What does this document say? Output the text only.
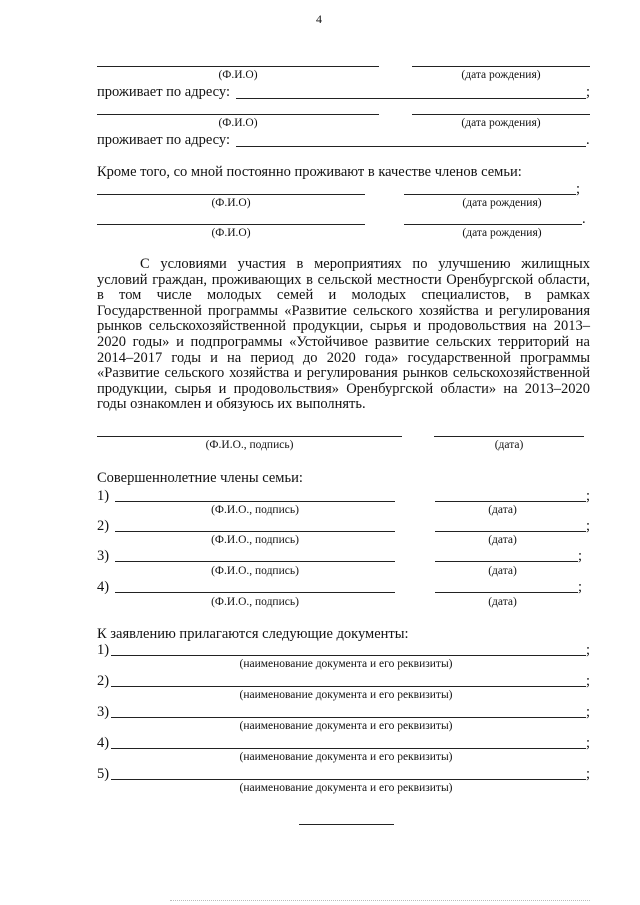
4
(Ф.И.О)	(дата рождения)
проживает по адресу:	;
(Ф.И.О)	(дата рождения)
проживает по адресу:	.
Кроме того, со мной постоянно проживают в качестве членов семьи:
;
(Ф.И.О)	(дата рождения)
.
(Ф.И.О)	(дата рождения)
С условиями участия в мероприятиях по улучшению жилищных условий граждан, проживающих в сельской местности Оренбургской области, в том числе молодых семей и молодых специалистов, в рамках Государственной программы «Развитие сельского хозяйства и регулирования рынков сельскохозяйственной продукции, сырья и продовольствия на 2013–2020 годы» и подпрограммы «Устойчивое развитие сельских территорий на 2014–2017 годы и на период до 2020 года» государственной программы «Развитие сельского хозяйства и регулирования рынков сельскохозяйственной продукции, сырья и продовольствия» Оренбургской области» на 2013–2020 годы ознакомлен и обязуюсь их выполнять.
(Ф.И.О., подпись)	(дата)
Совершеннолетние члены семьи:
1)	;
(Ф.И.О., подпись)	(дата)
2)	;
(Ф.И.О., подпись)	(дата)
3)	;
(Ф.И.О., подпись)	(дата)
4)	;
(Ф.И.О., подпись)	(дата)
К заявлению прилагаются следующие документы:
1)	;
(наименование документа и его реквизиты)
2)	;
(наименование документа и его реквизиты)
3)	;
(наименование документа и его реквизиты)
4)	;
(наименование документа и его реквизиты)
5)	;
(наименование документа и его реквизиты)
